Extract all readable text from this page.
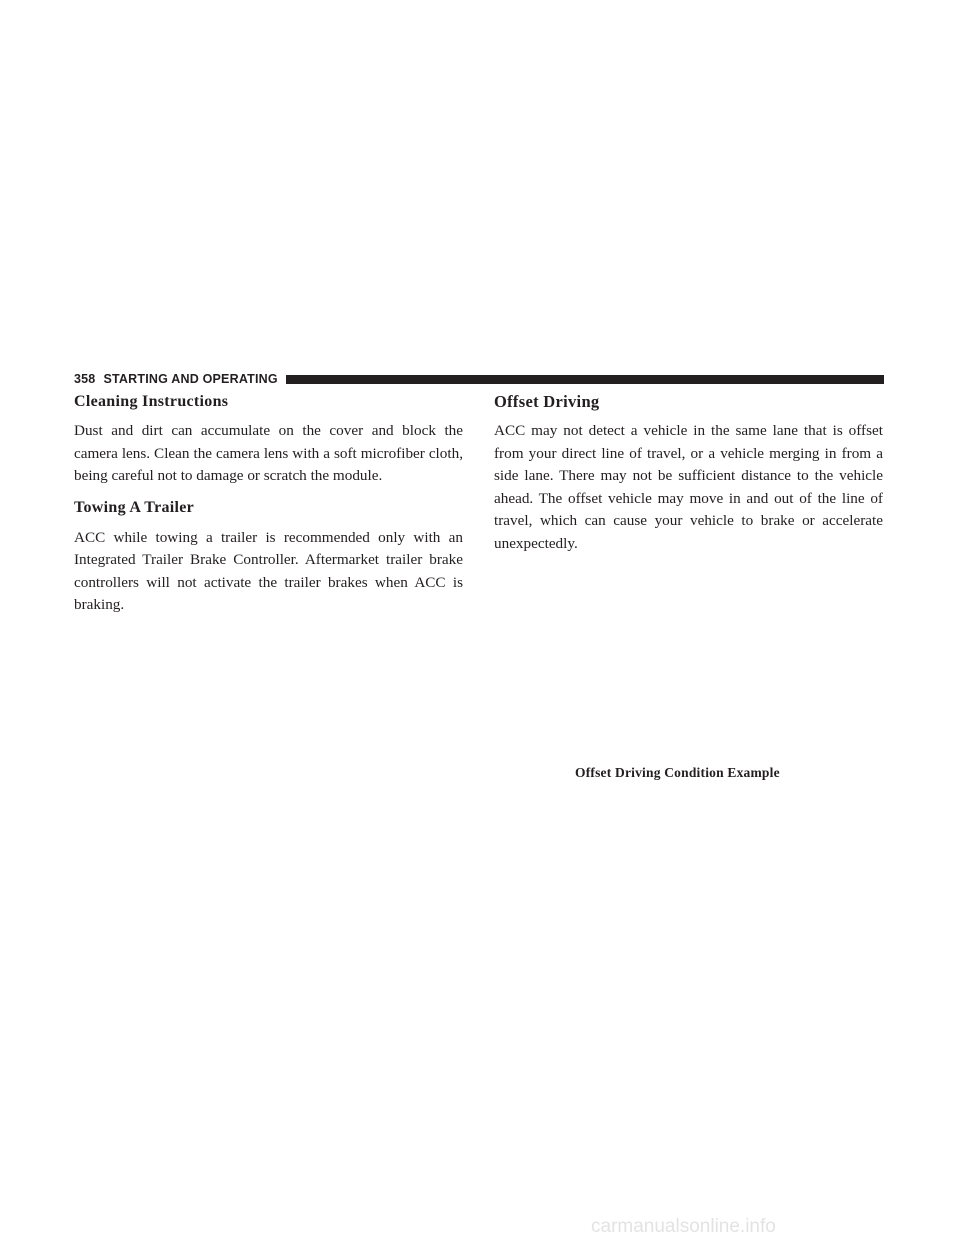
358 STARTING AND OPERATING
Cleaning Instructions

Dust and dirt can accumulate on the cover and block the camera lens. Clean the camera lens with a soft microfiber cloth, being careful not to damage or scratch the module.

Towing A Trailer

ACC while towing a trailer is recommended only with an Integrated Trailer Brake Controller. Aftermarket trailer brake controllers will not activate the trailer brakes when ACC is braking.

Offset Driving

ACC may not detect a vehicle in the same lane that is offset from your direct line of travel, or a vehicle merging in from a side lane. There may not be sufficient distance to the vehicle ahead. The offset vehicle may move in and out of the line of travel, which can cause your vehicle to brake or accelerate unexpectedly.

Offset Driving Condition Example
carmanualsonline.info
